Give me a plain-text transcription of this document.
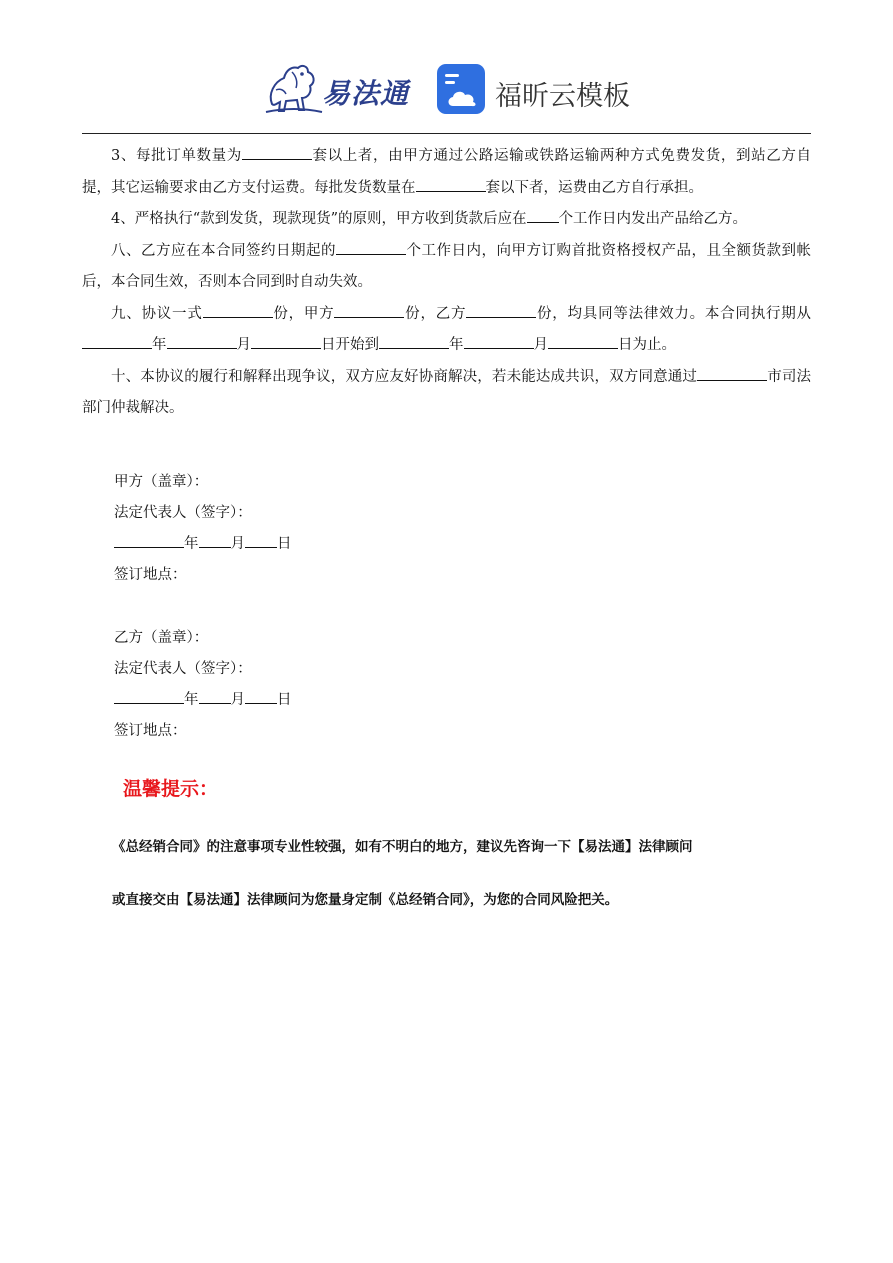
易法通	福昕云模板

3、每批订单数量为	套以上者，由甲方通过公路运输或铁路运输两种方式免费发货，到站乙方自提，其它运输要求由乙方支付运费。每批发货数量在	套以下者，运费由乙方自行承担。

4、严格执行“款到发货，现款现货”的原则，甲方收到货款后应在 个工作日内发出产品给乙方。

八、乙方应在本合同签约日期起的	个工作日内，向甲方订购首批资格授权产品，且全额货款到帐后，本合同生效，否则本合同到时自动失效。

九、协议一式	份，甲方	份，乙方	份，均具同等法律效力。本合同执行期从年	月	日开始到	年	月	日为止。

十、本协议的履行和解释出现争议，双方应友好协商解决，若未能达成共识，双方同意通过	市司法部门仲裁解决。

甲方（盖章）：
法定代表人（签字）：
年 月 日
签订地点：
乙方（盖章）：
法定代表人（签字）：
年 月 日
签订地点：
温馨提示：
《总经销合同》的注意事项专业性较强，如有不明白的地方，建议先咨询一下【易法通】法律顾问
或直接交由【易法通】法律顾问为您量身定制《总经销合同》，为您的合同风险把关。
